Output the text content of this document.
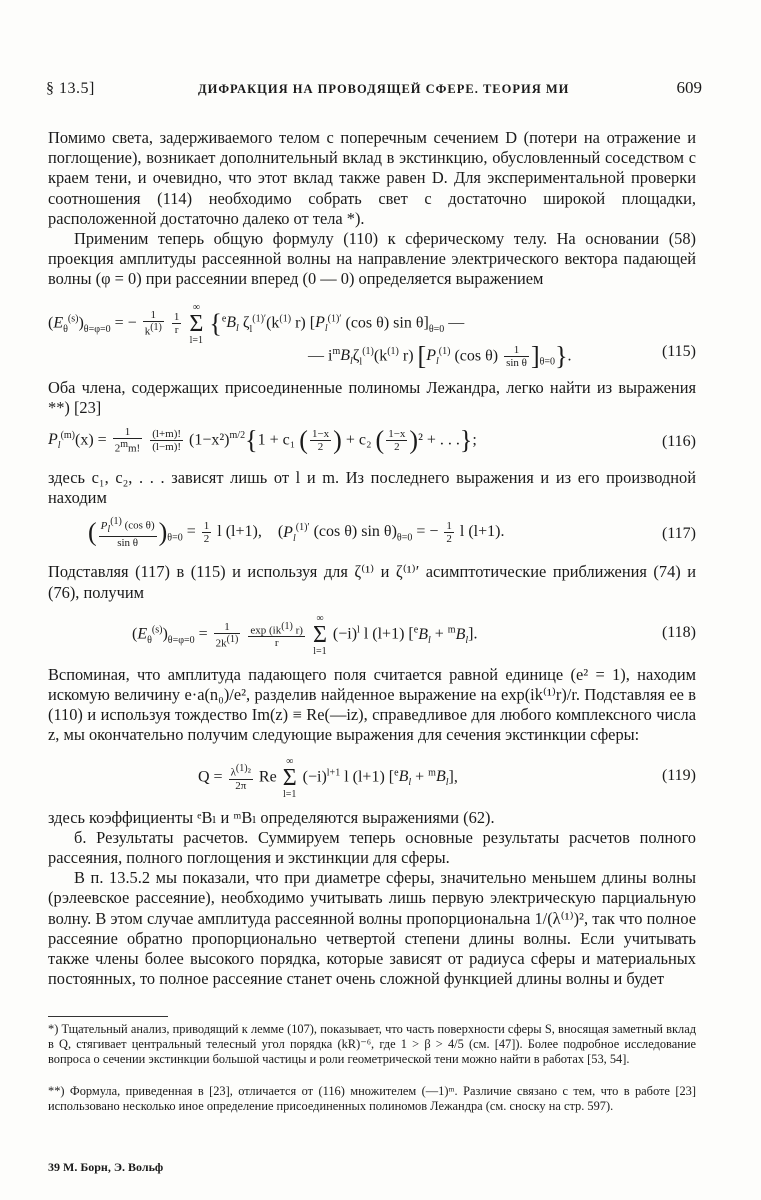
§ 13.5]	ДИФРАКЦИЯ НА ПРОВОДЯЩЕЙ СФЕРЕ. ТЕОРИЯ МИ	609

Помимо света, задерживаемого телом с поперечным сечением D (потери на отражение и поглощение), возникает дополнительный вклад в экстинкцию, обусловленный соседством с краем тени, и очевидно, что этот вклад также равен D. Для экспериментальной проверки соотношения (114) необходимо собрать свет с достаточно широкой площадки, расположенной достаточно далеко от тела *).

Применим теперь общую формулу (110) к сферическому телу. На основании (58) проекция амплитуды рассеянной волны на направление электрического вектора падающей волны (φ = 0) при рассеянии вперед (0 — 0) определяется выражением

$(E_\theta^{(s)})_{\theta=\varphi=0}$ = − $\frac{1}{k^{(1)}}$
$\frac{1}{r}$
∞
Σ
l=1 {$^eB_l$ $\zeta_l^{(1)'}(k^{(1)}$ r) [$P_l^{(1)'}$ (cos θ) $\sin \theta]_{\theta=0}$ —
— $i^mB_l\zeta_l^{(1)}(k^{(1)}$ r) [$P_l^{(1)}$ (cos $\theta) \frac{1}{\text{sin θ}} ]_{\theta=0}$}.	(115)

Оба члена, содержащих присоединенные полиномы Лежандра, легко найти из выражения **) [23]

$P_l^{(m)}(x) = \frac{1}{2^mm!}$
$\frac{(l+m)!}{(l-m)!} (1-x^2)^{m/2}\{1 + c_1$ ( $\frac{1-x}{2}$ ) + c₂ ( $\frac{1-x}{2} )^2$ + . . .};	(116)

здесь c₁, c₂, . . . зависят лишь от l и m. Из последнего выражения и из его производной находим

( $\frac{P_l^{(1)} (\cos \theta)}{\text{sin θ}} )_{\theta=0} = \frac{1}{2}$ l (l+1),    ($P_l^{(1)'}$ (cos θ) $\sin \theta)_{\theta=0}$ = − $\frac{1}{2}$ l (l+1).	(117)

Подставляя (117) в (115) и используя для ζ⁽¹⁾ и ζ⁽¹⁾′ асимптотические приближения (74) и (76), получим

$(E_\theta^{(s)})_{\theta=\varphi=0} = \frac{1}{2k^{(1)}}$
$\frac{\exp (ik^{(1)} r)}{r}$
∞
Σ
l=1 $(-i)^l$ l (l+1) $[^eB_l + ^mB_l]$.	(118)

Вспоминая, что амплитуда падающего поля считается равной единице (e² = 1), находим искомую величину e·a(n₀)/e², разделив найденное выражение на exp(ik⁽¹⁾r)/r. Подставляя ее в (110) и используя тождество Im(z) ≡ Re(—iz), справедливое для любого комплексного числа z, мы окончательно получим следующие выражения для сечения экстинкции сферы:

$Q = \frac{\lambda^{(1)}^2}{2\pi}$ Re ∞
Σ
l=1 $(-i)^{l+1}$ l (l+1) $[^eB_l + ^mB_l]$,	(119)

здесь коэффициенты ᵉBₗ и ᵐBₗ определяются выражениями (62).

б. Результаты расчетов. Суммируем теперь основные результаты расчетов полного рассеяния, полного поглощения и экстинкции для сферы.

В п. 13.5.2 мы показали, что при диаметре сферы, значительно меньшем длины волны (рэлеевское рассеяние), необходимо учитывать лишь первую электрическую парциальную волну. В этом случае амплитуда рассеянной волны пропорциональна 1/(λ⁽¹⁾)², так что полное рассеяние обратно пропорционально четвертой степени длины волны. Если учитывать также члены более высокого порядка, которые зависят от радиуса сферы и материальных постоянных, то полное рассеяние станет очень сложной функцией длины волны и будет

*) Тщательный анализ, приводящий к лемме (107), показывает, что часть поверхности сферы S, вносящая заметный вклад в Q, стягивает центральный телесный угол порядка (kR)⁻⁶, где 1 > β > 4/5 (см. [47]). Более подробное исследование вопроса о сечении экстинкции большой частицы и роли геометрической тени можно найти в работах [53, 54].
**) Формула, приведенная в [23], отличается от (116) множителем (—1)ᵐ. Различие связано с тем, что в работе [23] использовано несколько иное определение присоединенных полиномов Лежандра (см. сноску на стр. 597).
39 М. Борн, Э. Вольф
